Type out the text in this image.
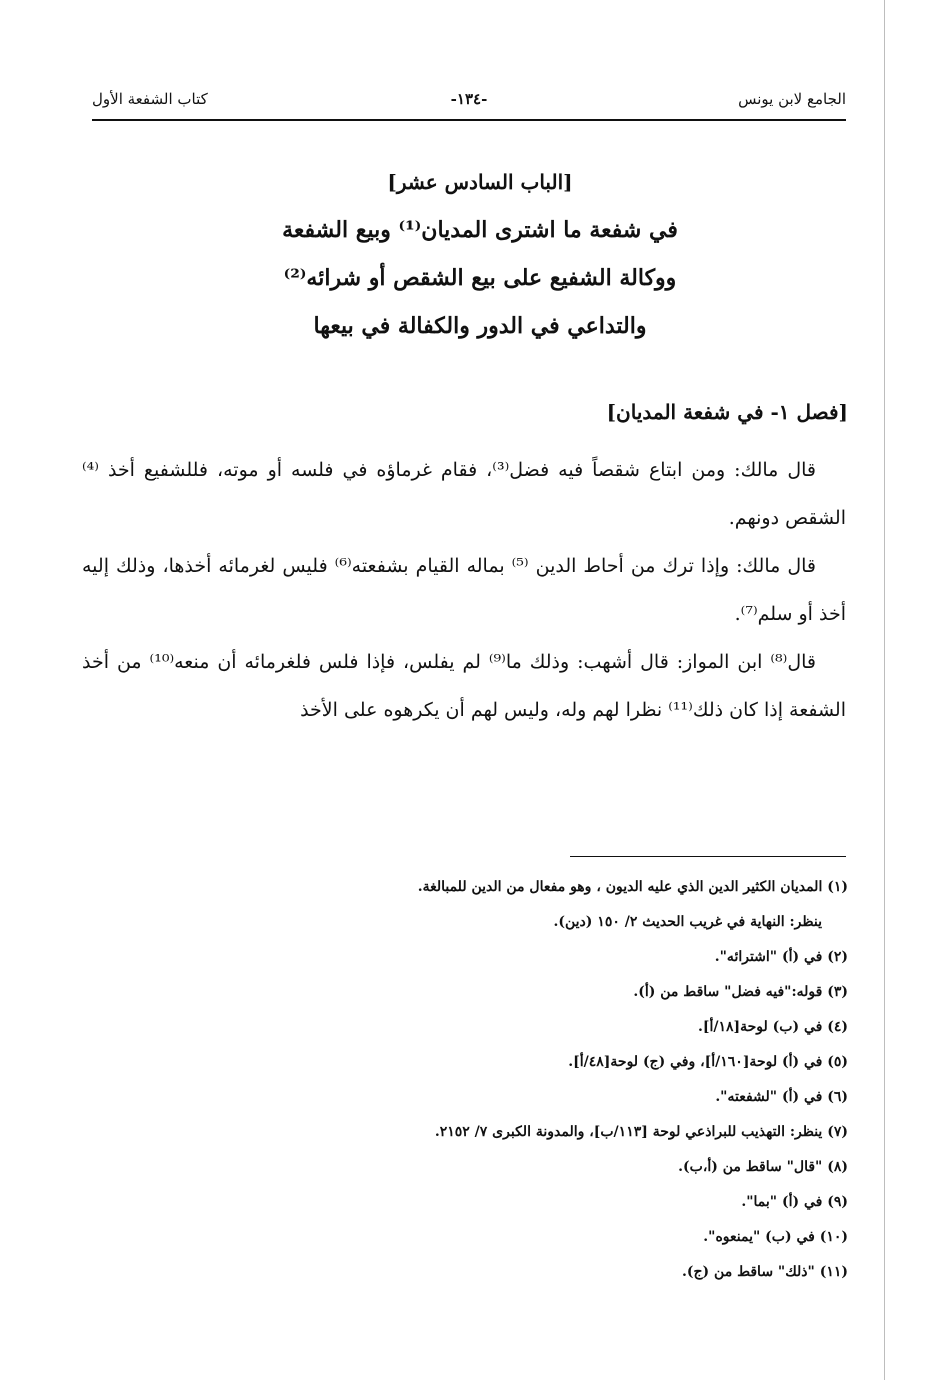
الجامع لابن يونس
-١٣٤-
كتاب الشفعة الأول
[الباب السادس عشر]
في شفعة ما اشترى المديان⁽¹⁾ وبيع الشفعة
ووكالة الشفيع على بيع الشقص أو شرائه⁽²⁾
والتداعي في الدور والكفالة في بيعها
[فصل ١- في شفعة المديان]

قال مالك: ومن ابتاع شقصاً فيه فضل⁽³⁾، فقام غرماؤه في فلسه أو موته، فللشفيع أخذ ⁽⁴⁾ الشقص دونهم.

قال مالك: وإذا ترك من أحاط الدين ⁽⁵⁾ بماله القيام بشفعته⁽⁶⁾ فليس لغرمائه أخذها، وذلك إليه أخذ أو سلم⁽⁷⁾.

قال⁽⁸⁾ ابن المواز: قال أشهب: وذلك ما⁽⁹⁾ لم يفلس، فإذا فلس فلغرمائه أن منعه⁽¹⁰⁾ من أخذ الشفعة إذا كان ذلك⁽¹¹⁾ نظرا لهم وله، وليس لهم أن يكرهوه على الأخذ

(١) المديان الكثير الدين الذي عليه الديون ، وهو مفعال من الدين للمبالغة.
ينظر: النهاية في غريب الحديث ٢/ ١٥٠ (دين).
(٢) في (أ) "اشترائه".
(٣) قوله:"فيه فضل" ساقط من (أ).
(٤) في (ب) لوحة[١٨/أ].
(٥) في (أ) لوحة[١٦٠/أ]، وفي (ج) لوحة[٤٨/أ].
(٦) في (أ) "لشفعته".
(٧) ينظر: التهذيب للبراذعي لوحة [١١٣/ب]، والمدونة الكبرى ٧/ ٢١٥٢.
(٨) "قال" ساقط من (أ،ب).
(٩) في (أ) "بما".
(١٠) في (ب) "يمنعوه".
(١١) "ذلك" ساقط من (ج).
